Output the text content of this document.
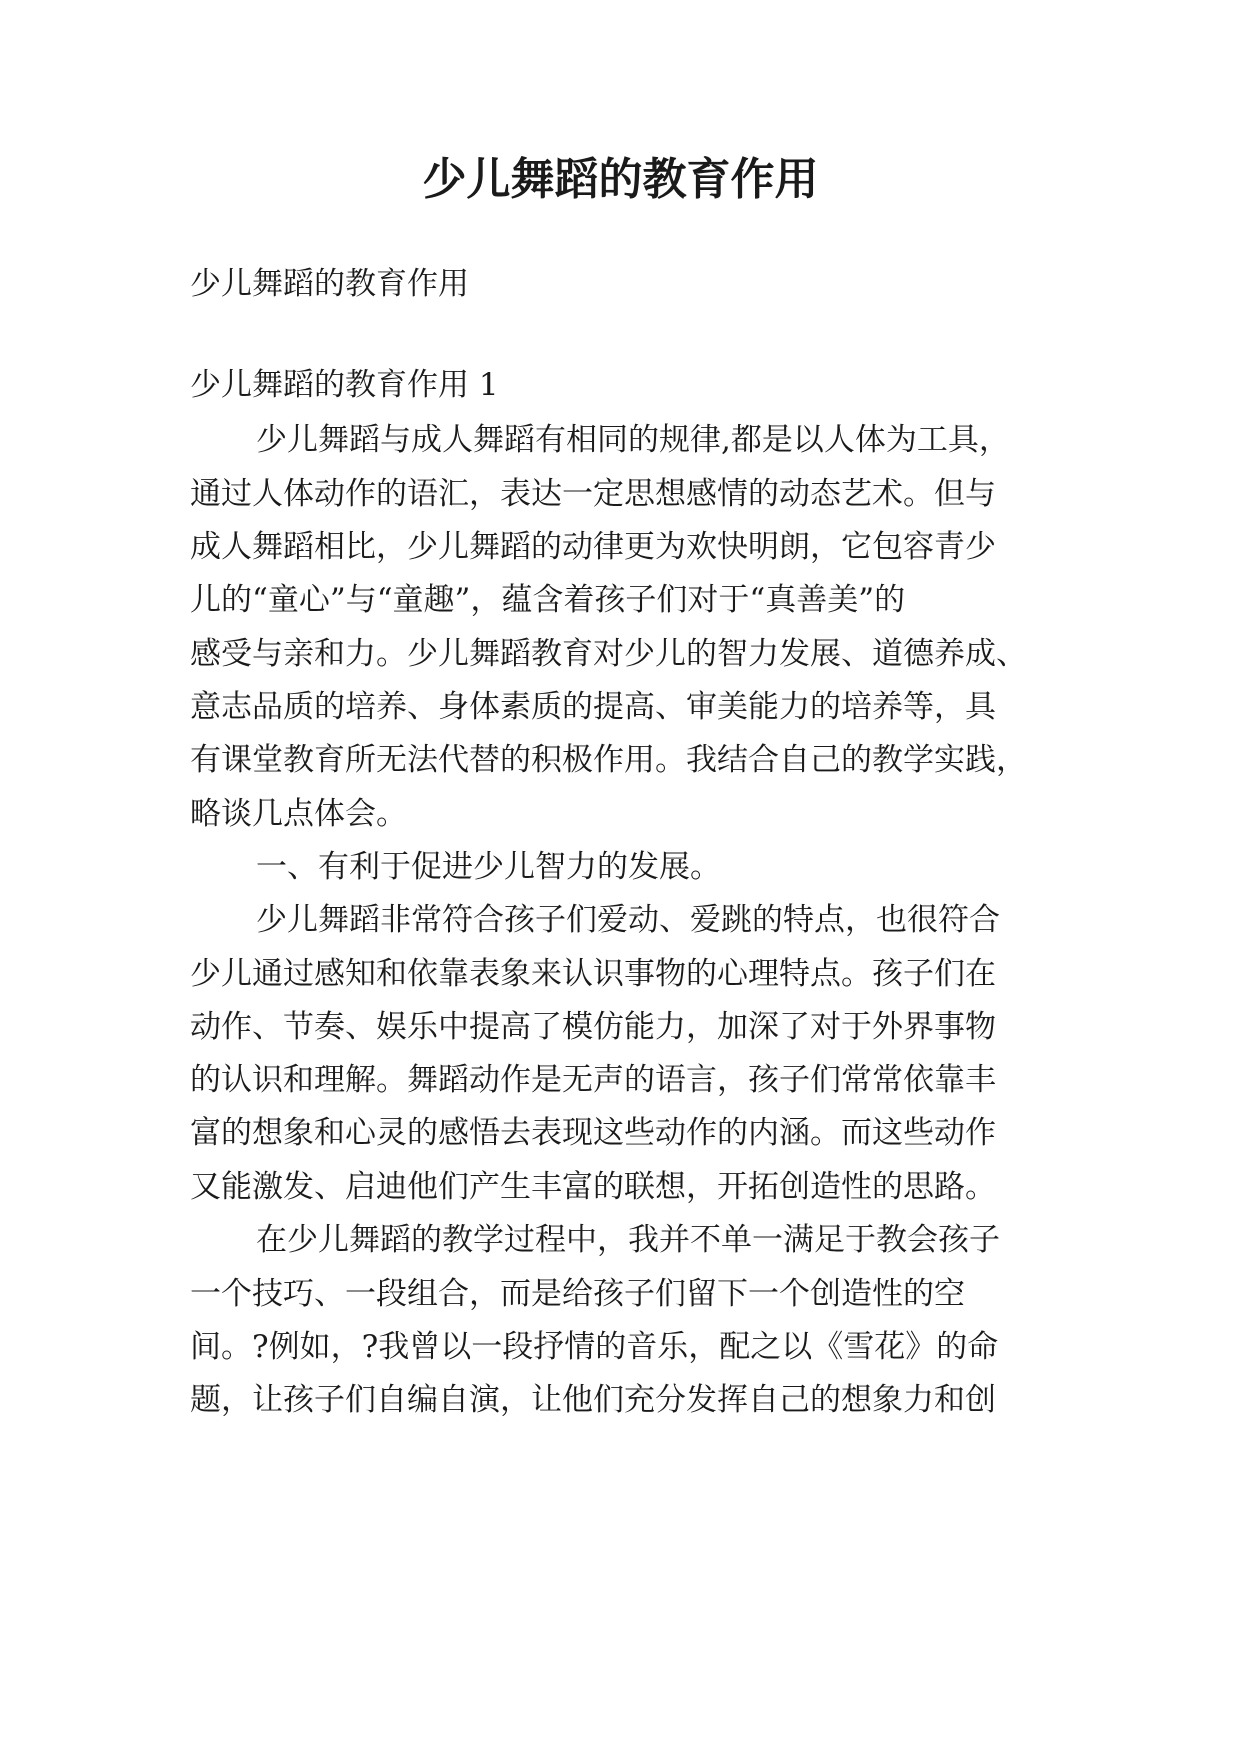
少儿舞蹈的教育作用

少儿舞蹈的教育作用

少儿舞蹈的教育作用 1

少儿舞蹈与成人舞蹈有相同的规律,都是以人体为工具，

通过人体动作的语汇，表达一定思想感情的动态艺术。但与

成人舞蹈相比，少儿舞蹈的动律更为欢快明朗，它包容青少

儿的“童心”与“童趣”，蕴含着孩子们对于“真善美”的

感受与亲和力。少儿舞蹈教育对少儿的智力发展、道德养成、

意志品质的培养、身体素质的提高、审美能力的培养等，具

有课堂教育所无法代替的积极作用。我结合自己的教学实践，

略谈几点体会。

一、有利于促进少儿智力的发展。

少儿舞蹈非常符合孩子们爱动、爱跳的特点，也很符合

少儿通过感知和依靠表象来认识事物的心理特点。孩子们在

动作、节奏、娱乐中提高了模仿能力，加深了对于外界事物

的认识和理解。舞蹈动作是无声的语言，孩子们常常依靠丰

富的想象和心灵的感悟去表现这些动作的内涵。而这些动作

又能激发、启迪他们产生丰富的联想，开拓创造性的思路。

在少儿舞蹈的教学过程中，我并不单一满足于教会孩子

一个技巧、一段组合，而是给孩子们留下一个创造性的空

间。?例如，?我曾以一段抒情的音乐，配之以《雪花》的命

题，让孩子们自编自演，让他们充分发挥自己的想象力和创
